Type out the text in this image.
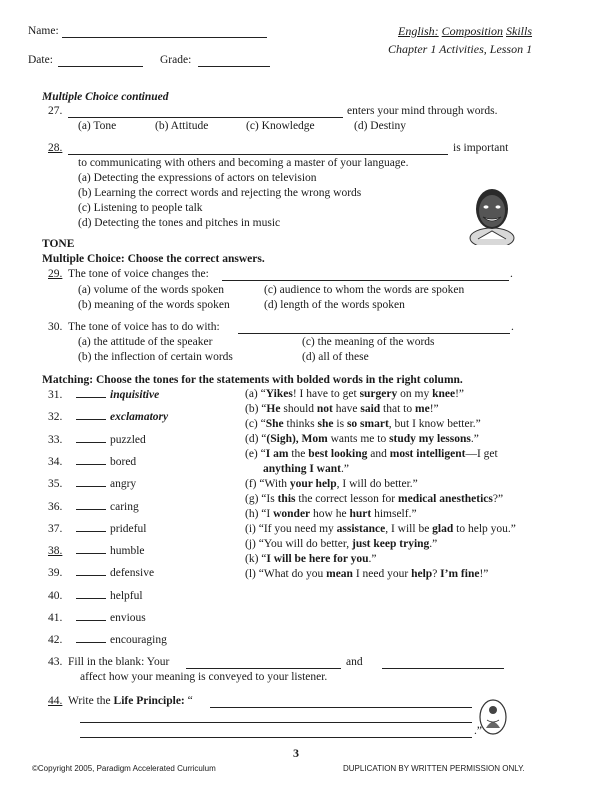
Name:
Date:	Grade:
English: Composition Skills
Chapter 1 Activities, Lesson 1
Multiple Choice continued
27.	enters your mind through words.
(a) Tone	(b) Attitude	(c) Knowledge	(d) Destiny
28.	is important
to communicating with others and becoming a master of your language.
(a) Detecting the expressions of actors on television
(b) Learning the correct words and rejecting the wrong words
(c) Listening to people talk
(d) Detecting the tones and pitches in music
TONE
Multiple Choice: Choose the correct answers.
29. The tone of voice changes the:	.
(a) volume of the words spoken	(c) audience to whom the words are spoken
(b) meaning of the words spoken	(d) length of the words spoken
30. The tone of voice has to do with:	.
(a) the attitude of the speaker	(c) the meaning of the words
(b) the inflection of certain words	(d) all of these
Matching: Choose the tones for the statements with bolded words in the right column.
31.	inquisitive
32.	exclamatory
33.	puzzled
34.	bored
35.	angry
36.	caring
37.	prideful
38.	humble
39.	defensive
40.	helpful
41.	envious
42.	encouraging
(a) “Yikes! I have to get surgery on my knee!”
(b) “He should not have said that to me!”
(c) “She thinks she is so smart, but I know better.”
(d) “(Sigh), Mom wants me to study my lessons.”
(e) “I am the best looking and most intelligent—I get
anything I want.”
(f) “With your help, I will do better.”
(g) “Is this the correct lesson for medical anesthetics?”
(h) “I wonder how he hurt himself.”
(i) “If you need my assistance, I will be glad to help you.”
(j) “You will do better, just keep trying.”
(k) “I will be here for you.”
(l) “What do you mean I need your help? I’m fine!”
43. Fill in the blank: Your	and
affect how your meaning is conveyed to your listener.
44. Write the Life Principle: “
.”
3
©Copyright 2005, Paradigm Accelerated Curriculum	DUPLICATION BY WRITTEN PERMISSION ONLY.
